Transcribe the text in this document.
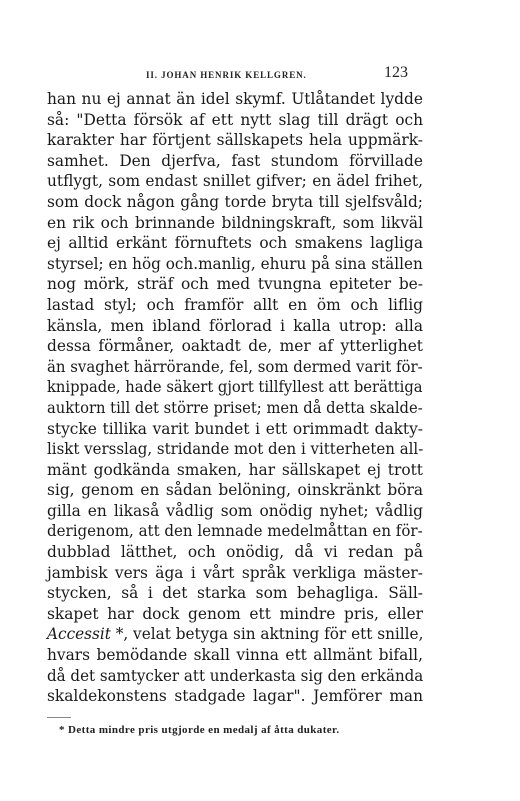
II. JOHAN HENRIK KELLGREN.	123
han nu ej annat än idel skymf. Utlåtandet lydde
så: "Detta försök af ett nytt slag till drägt och
karakter har förtjent sällskapets hela uppmärk-
samhet. Den djerfva, fast stundom förvillade
utflygt, som endast snillet gifver; en ädel frihet,
som dock någon gång torde bryta till sjelfsvåld;
en rik och brinnande bildningskraft, som likväl
ej alltid erkänt förnuftets och smakens lagliga
styrsel; en hög och.manlig, ehuru på sina ställen
nog mörk, sträf och med tvungna epiteter be-
lastad styl; och framför allt en öm och liflig
känsla, men ibland förlorad i kalla utrop: alla
dessa förmåner, oaktadt de, mer af ytterlighet
än svaghet härrörande, fel, som dermed varit för-
knippade, hade säkert gjort tillfyllest att berättiga
auktorn till det större priset; men då detta skalde-
stycke tillika varit bundet i ett orimmadt dakty-
liskt versslag, stridande mot den i vitterheten all-
mänt godkända smaken, har sällskapet ej trott
sig, genom en sådan belöning, oinskränkt böra
gilla en likaså vådlig som onödig nyhet; vådlig
derigenom, att den lemnade medelmåttan en för-
dubblad lätthet, och onödig, då vi redan på
jambisk vers äga i vårt språk verkliga mäster-
stycken, så i det starka som behagliga. Säll-
skapet har dock genom ett mindre pris, eller
Accessit *, velat betyga sin aktning för ett snille,
hvars bemödande skall vinna ett allmänt bifall,
då det samtycker att underkasta sig den erkända
skaldekonstens stadgade lagar". Jemförer man
* Detta mindre pris utgjorde en medalj af åtta dukater.
